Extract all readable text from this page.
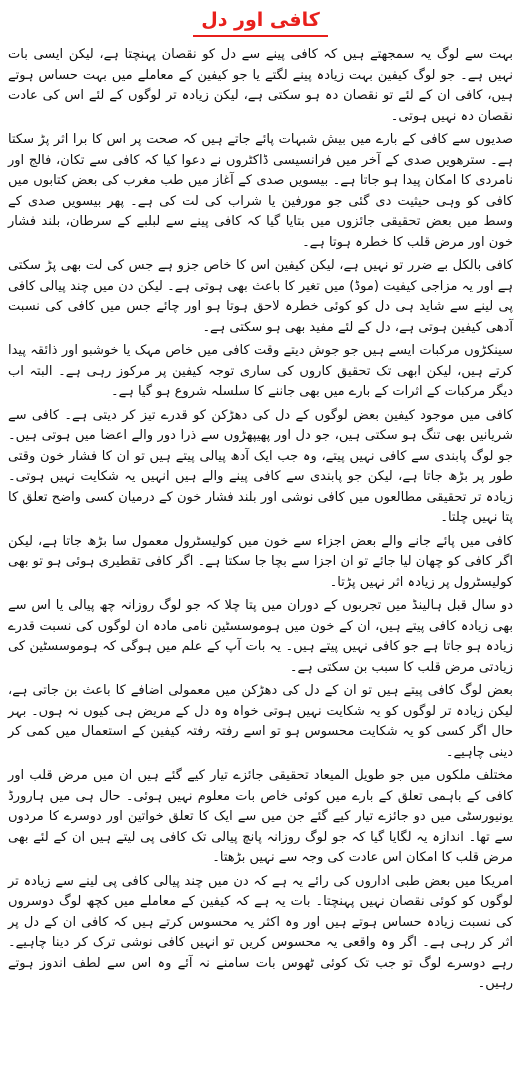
کافی اور دل

بہت سے لوگ یہ سمجھتے ہیں کہ کافی پینے سے دل کو نقصان پہنچتا ہے، لیکن ایسی بات نہیں ہے۔ جو لوگ کیفین بہت زیادہ پینے لگتے یا جو کیفین کے معاملے میں بہت حساس ہوتے ہیں، کافی ان کے لئے تو نقصان دہ ہو سکتی ہے، لیکن زیادہ تر لوگوں کے لئے اس کی عادت نقصان دہ نہیں ہوتی۔

صدیوں سے کافی کے بارے میں بیش شبہات پائے جاتے ہیں کہ صحت پر اس کا برا اثر پڑ سکتا ہے۔ سترھویں صدی کے آخر میں فرانسیسی ڈاکٹروں نے دعوا کیا کہ کافی سے تکان، فالج اور نامردی کا امکان پیدا ہو جاتا ہے۔ بیسویں صدی کے آغاز میں طب مغرب کی بعض کتابوں میں کافی کو وہی حیثیت دی گئی جو مورفین یا شراب کی لت کی ہے۔ پھر بیسویں صدی کے وسط میں بعض تحقیقی جائزوں میں بتایا گیا کہ کافی پینے سے لبلبے کے سرطان، بلند فشار خون اور مرض قلب کا خطرہ ہوتا ہے۔

کافی بالکل بے ضرر تو نہیں ہے، لیکن کیفین اس کا خاص جزو ہے جس کی لت بھی پڑ سکتی ہے اور یہ مزاجی کیفیت (موڈ) میں تغیر کا باعث بھی ہوتی ہے۔ لیکن دن میں چند پیالی کافی پی لینے سے شاید ہی دل کو کوئی خطرہ لاحق ہوتا ہو اور چائے جس میں کافی کی نسبت آدھی کیفین ہوتی ہے، دل کے لئے مفید بھی ہو سکتی ہے۔

سینکڑوں مرکبات ایسے ہیں جو جوش دیتے وقت کافی میں خاص مہک یا خوشبو اور ذائقہ پیدا کرتے ہیں، لیکن ابھی تک تحقیق کاروں کی ساری توجہ کیفین پر مرکوز رہی ہے۔ البتہ اب دیگر مرکبات کے اثرات کے بارے میں بھی جاننے کا سلسلہ شروع ہو گیا ہے۔

کافی میں موجود کیفین بعض لوگوں کے دل کی دھڑکن کو قدرے تیز کر دیتی ہے۔ کافی سے شریانیں بھی تنگ ہو سکتی ہیں، جو دل اور پھیپھڑوں سے ذرا دور والے اعضا میں ہوتی ہیں۔ جو لوگ پابندی سے کافی نہیں پیتے، وہ جب ایک آدھ پیالی پیتے ہیں تو ان کا فشار خون وقتی طور پر بڑھ جاتا ہے، لیکن جو پابندی سے کافی پینے والے ہیں انہیں یہ شکایت نہیں ہوتی۔ زیادہ تر تحقیقی مطالعوں میں کافی نوشی اور بلند فشار خون کے درمیان کسی واضح تعلق کا پتا نہیں چلتا۔

کافی میں پائے جانے والے بعض اجزاء سے خون میں کولیسٹرول معمول سا بڑھ جاتا ہے، لیکن اگر کافی کو چھان لیا جائے تو ان اجزا سے بچا جا سکتا ہے۔ اگر کافی تقطیری ہوئی ہو تو بھی کولیسٹرول پر زیادہ اثر نہیں پڑتا۔

دو سال قبل ہالینڈ میں تجربوں کے دوران میں پتا چلا کہ جو لوگ روزانہ چھ پیالی یا اس سے بھی زیادہ کافی پیتے ہیں، ان کے خون میں ہوموسسٹین نامی مادہ ان لوگوں کی نسبت قدرے زیادہ ہو جاتا ہے جو کافی نہیں پیتے ہیں۔ یہ بات آپ کے علم میں ہوگی کہ ہوموسسٹین کی زیادتی مرض قلب کا سبب بن سکتی ہے۔

بعض لوگ کافی پیتے ہیں تو ان کے دل کی دھڑکن میں معمولی اضافے کا باعث بن جاتی ہے، لیکن زیادہ تر لوگوں کو یہ شکایت نہیں ہوتی خواہ وہ دل کے مریض ہی کیوں نہ ہوں۔ بہر حال اگر کسی کو یہ شکایت محسوس ہو تو اسے رفتہ رفتہ کیفین کے استعمال میں کمی کر دینی چاہیے۔

مختلف ملکوں میں جو طویل المیعاد تحقیقی جائزے تیار کیے گئے ہیں ان میں مرض قلب اور کافی کے باہمی تعلق کے بارے میں کوئی خاص بات معلوم نہیں ہوئی۔ حال ہی میں ہارورڈ یونیورسٹی میں دو جائزے تیار کیے گئے جن میں سے ایک کا تعلق خواتین اور دوسرے کا مردوں سے تھا۔ اندازہ یہ لگایا گیا کہ جو لوگ روزانہ پانچ پیالی تک کافی پی لیتے ہیں ان کے لئے بھی مرض قلب کا امکان اس عادت کی وجہ سے نہیں بڑھتا۔

امریکا میں بعض طبی اداروں کی رائے یہ ہے کہ دن میں چند پیالی کافی پی لینے سے زیادہ تر لوگوں کو کوئی نقصان نہیں پہنچتا۔ بات یہ ہے کہ کیفین کے معاملے میں کچھ لوگ دوسروں کی نسبت زیادہ حساس ہوتے ہیں اور وہ اکثر یہ محسوس کرتے ہیں کہ کافی ان کے دل پر اثر کر رہی ہے۔ اگر وہ واقعی یہ محسوس کریں تو انہیں کافی نوشی ترک کر دینا چاہیے۔ رہے دوسرے لوگ تو جب تک کوئی ٹھوس بات سامنے نہ آئے وہ اس سے لطف اندوز ہوتے رہیں۔
